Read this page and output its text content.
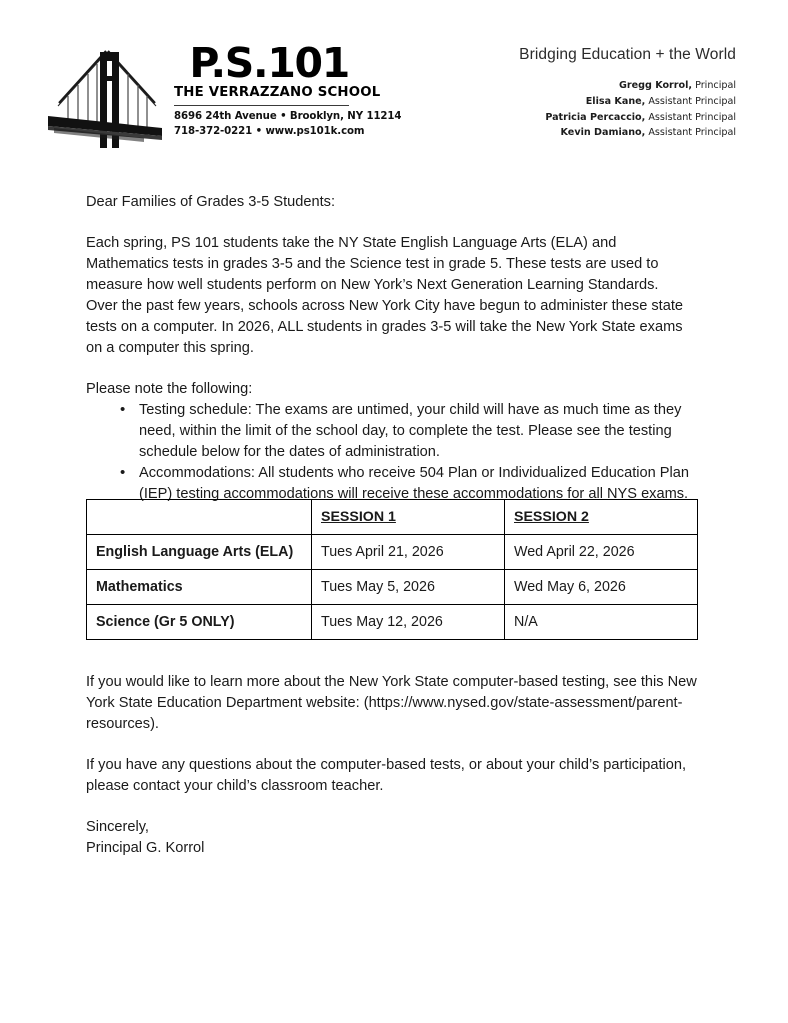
P.S.101
THE VERRAZZANO SCHOOL
8696 24th Avenue • Brooklyn, NY 11214
718-372-0221 • www.ps101k.com
Bridging Education + the World
Gregg Korrol, Principal
Elisa Kane, Assistant Principal
Patricia Percaccio, Assistant Principal
Kevin Damiano, Assistant Principal

Dear Families of Grades 3-5 Students:

Each spring, PS 101 students take the NY State English Language Arts (ELA) and Mathematics tests in grades 3-5 and the Science test in grade 5. These tests are used to measure how well students perform on New York’s Next Generation Learning Standards.

Over the past few years, schools across New York City have begun to administer these state tests on a computer. In 2026, ALL students in grades 3-5 will take the New York State exams on a computer this spring.

Please note the following:

• Testing schedule: The exams are untimed, your child will have as much time as they need, within the limit of the school day, to complete the test. Please see the testing schedule below for the dates of administration.
• Accommodations: All students who receive 504 Plan or Individualized Education Plan (IEP) testing accommodations will receive these accommodations for all NYS exams.
	SESSION 1	SESSION 2
English Language Arts (ELA)	Tues April 21, 2026	Wed April 22, 2026
Mathematics	Tues May 5, 2026	Wed May 6, 2026
Science (Gr 5 ONLY)	Tues May 12, 2026	N/A

If you would like to learn more about the New York State computer-based testing, see this New York State Education Department website: (https://www.nysed.gov/state-assessment/parent-resources).

If you have any questions about the computer-based tests, or about your child’s participation, please contact your child’s classroom teacher.

Sincerely,

Principal G. Korrol
